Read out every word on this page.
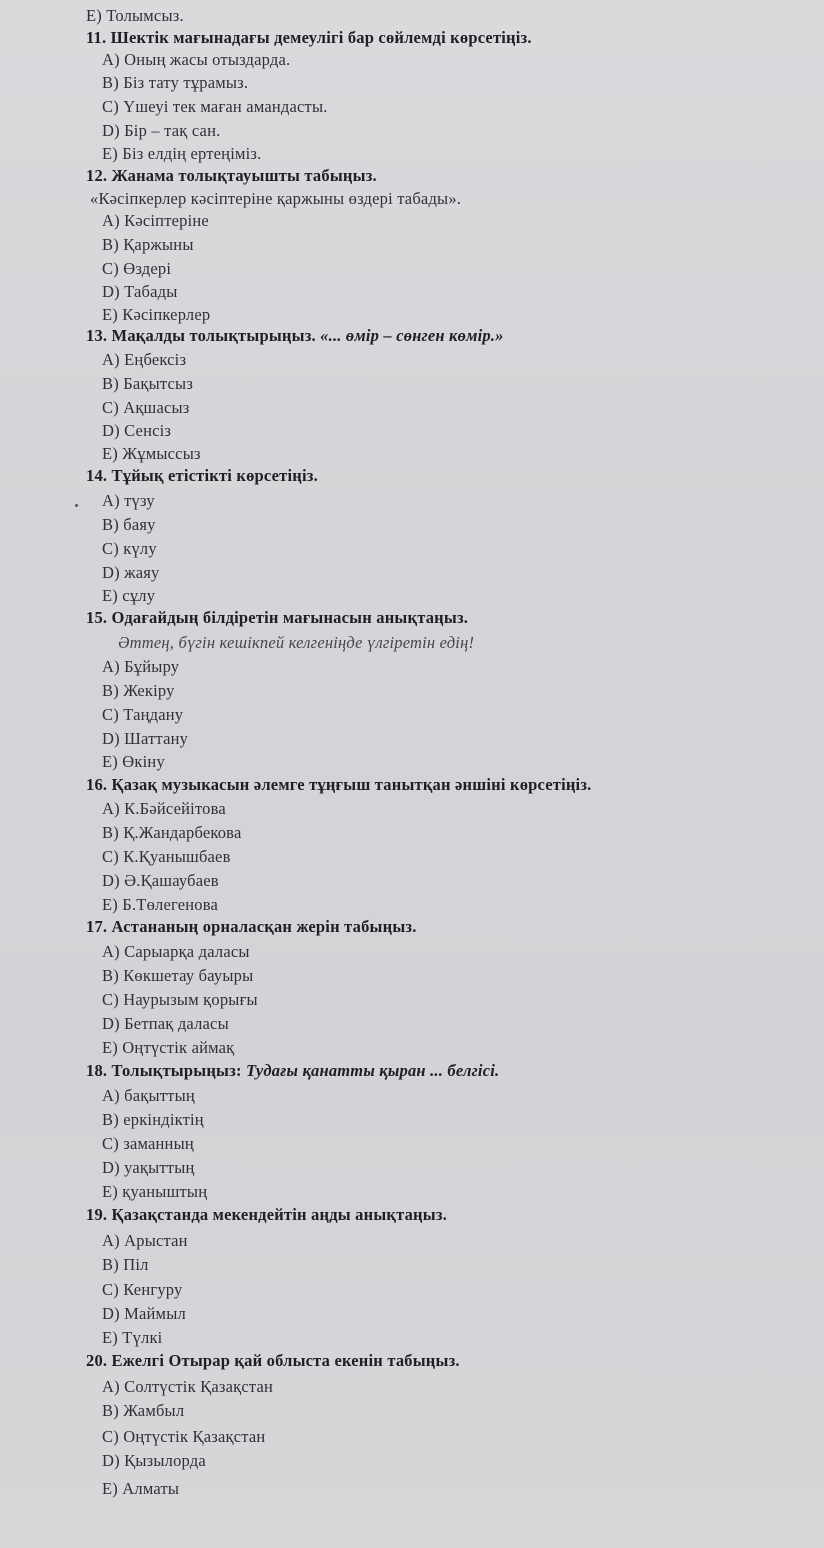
E) Толымсыз.
11. Шектік мағынадағы демеулігі бар сөйлемді көрсетіңіз.
A) Оның жасы отыздарда.
B) Біз тату тұрамыз.
C) Үшеуі тек маған амандасты.
D) Бір – тақ сан.
E) Біз елдің ертеңіміз.
12. Жанама толықтауышты табыңыз.
«Кәсіпкерлер кәсіптеріне қаржыны өздері табады».
A) Кәсіптеріне
B) Қаржыны
C) Өздері
D) Табады
E) Кәсіпкерлер
13. Мақалды толықтырыңыз. «... өмір – сөнген көмір.»
A) Еңбексіз
B) Бақытсыз
C) Ақшасыз
D) Сенсіз
E) Жұмыссыз
14. Тұйық етістікті көрсетіңіз.
A) түзу
B) баяу
C) күлу
D) жаяу
E) сұлу
15. Одағайдың білдіретін мағынасын анықтаңыз.
Әттең, бүгін кешікпей келгеніңде үлгіретін едің!
A) Бұйыру
B) Жекіру
C) Таңдану
D) Шаттану
E) Өкіну
16. Қазақ музыкасын әлемге тұңғыш танытқан әншіні көрсетіңіз.
A) К.Бәйсейітова
B) Қ.Жандарбекова
C) К.Қуанышбаев
D) Ә.Қашаубаев
E) Б.Төлегенова
17. Астананың орналасқан жерін табыңыз.
A) Сарыарқа даласы
B) Көкшетау бауыры
C) Наурызым қорығы
D) Бетпақ даласы
E) Оңтүстік аймақ
18. Толықтырыңыз: Тудағы қанатты қыран ... белгісі.
A) бақыттың
B) еркіндіктің
C) заманның
D) уақыттың
E) қуаныштың
19. Қазақстанда мекендейтін аңды анықтаңыз.
A) Арыстан
B) Піл
C) Кенгуру
D) Маймыл
E) Түлкі
20. Ежелгі Отырар қай облыста екенін табыңыз.
A) Солтүстік Қазақстан
B) Жамбыл
C) Оңтүстік Қазақстан
D) Қызылорда
E) Алматы
